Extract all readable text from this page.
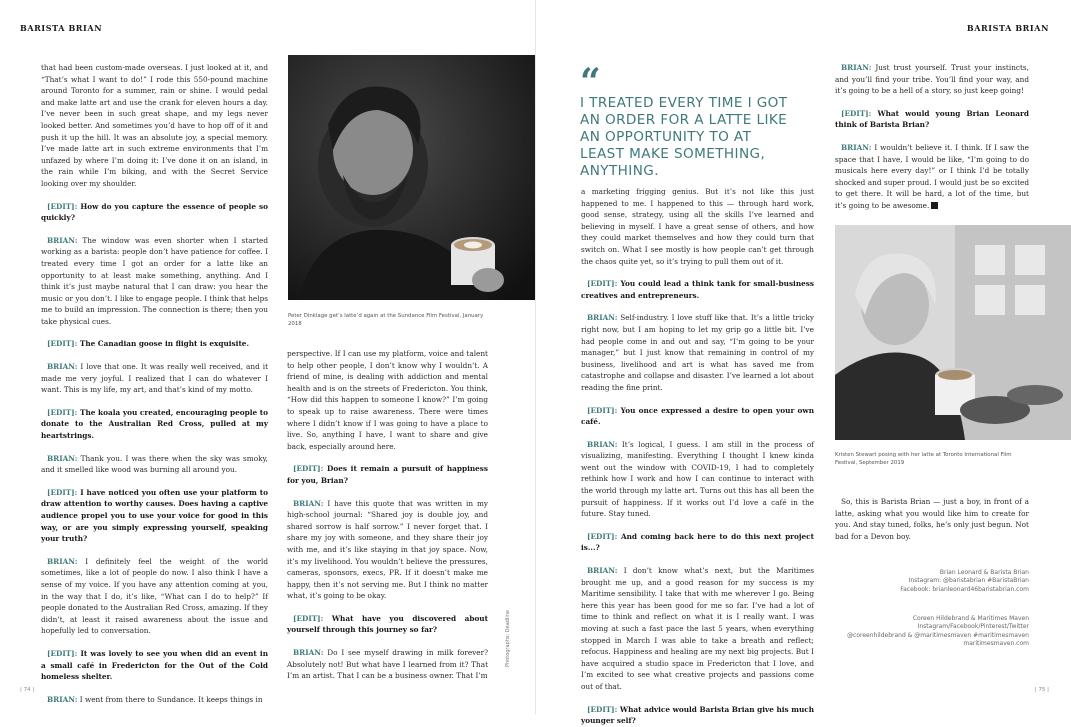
BARISTA BRIAN	BARISTA BRIAN

that had been custom-made overseas. I just looked at it, and “That’s what I want to do!” I rode this 550-pound machine around Toronto for a summer, rain or shine. I would pedal and make latte art and use the crank for eleven hours a day. I’ve never been in such great shape, and my legs never looked better. And sometimes you’d have to hop off of it and push it up the hill. It was an absolute joy, a special memory. I’ve made latte art in such extreme environments that I’m unfazed by where I’m doing it: I’ve done it on an island, in the rain while I’m biking, and with the Secret Service looking over my shoulder.

[EDIT]: How do you capture the essence of people so quickly?

BRIAN: The window was even shorter when I started working as a barista: people don’t have patience for coffee. I treated every time I got an order for a latte like an opportunity to at least make something, anything. And I think it’s just maybe natural that I can draw: you hear the music or you don’t. I like to engage people. I think that helps me to build an impression. The connection is there; then you take physical cues.

[EDIT]: The Canadian goose in flight is exquisite.

BRIAN: I love that one. It was really well received, and it made me very joyful. I realized that I can do whatever I want. This is my life, my art, and that’s kind of my motto.

[EDIT]: The koala you created, encouraging people to donate to the Australian Red Cross, pulled at my heartstrings.

BRIAN: Thank you. I was there when the sky was smoky, and it smelled like wood was burning all around you.

[EDIT]: I have noticed you often use your platform to draw attention to worthy causes. Does having a captive audience propel you to use your voice for good in this way, or are you simply expressing yourself, speaking your truth?

BRIAN: I definitely feel the weight of the world sometimes, like a lot of people do now. I also think I have a sense of my voice. If you have any attention coming at you, in the way that I do, it’s like, “What can I do to help?” If people donated to the Australian Red Cross, amazing. If they didn’t, at least it raised awareness about the issue and hopefully led to conversation.

[EDIT]: It was lovely to see you when did an event in a small café in Fredericton for the Out of the Cold homeless shelter.

BRIAN: I went from there to Sundance. It keeps things in

Peter Dinklage get’s latte’d again at the Sundance Film Festival, January 2018
Photographs: Deadline

perspective. If I can use my platform, voice and talent to help other people, I don’t know why I wouldn’t. A friend of mine, is dealing with addiction and mental health and is on the streets of Fredericton. You think, “How did this happen to someone I know?” I’m going to speak up to raise awareness. There were times where I didn’t know if I was going to have a place to live. So, anything I have, I want to share and give back, especially around here.

[EDIT]: Does it remain a pursuit of happiness for you, Brian?

BRIAN: I have this quote that was written in my high-school journal: “Shared joy is double joy, and shared sorrow is half sorrow.” I never forget that. I share my joy with someone, and they share their joy with me, and it’s like staying in that joy space. Now, it’s my livelihood. You wouldn’t believe the pressures, cameras, sponsors, execs, PR. If it doesn’t make me happy, then it’s not serving me. But I think no matter what, it’s going to be okay.

[EDIT]: What have you discovered about yourself through this journey so far?

BRIAN: Do I see myself drawing in milk forever? Absolutely not! But what have I learned from it? That I’m an artist. That I can be a business owner. That I’m

“
I TREATED EVERY TIME I GOT AN ORDER FOR A LATTE LIKE AN OPPORTUNITY TO AT LEAST MAKE SOMETHING, ANYTHING.

a marketing frigging genius. But it’s not like this just happened to me. I happened to this — through hard work, good sense, strategy, using all the skills I’ve learned and believing in myself. I have a great sense of others, and how they could market themselves and how they could turn that switch on. What I see mostly is how people can’t get through the chaos quite yet, so it’s trying to pull them out of it.

[EDIT]: You could lead a think tank for small-business creatives and entrepreneurs.

BRIAN: Self-industry. I love stuff like that. It’s a little tricky right now, but I am hoping to let my grip go a little bit. I’ve had people come in and out and say, “I’m going to be your manager,” but I just know that remaining in control of my business, livelihood and art is what has saved me from catastrophe and collapse and disaster. I’ve learned a lot about reading the fine print.

[EDIT]: You once expressed a desire to open your own café.

BRIAN: It’s logical, I guess. I am still in the process of visualizing, manifesting. Everything I thought I knew kinda went out the window with COVID-19, I had to completely rethink how I work and how I can continue to interact with the world through my latte art. Turns out this has all been the pursuit of happiness. If it works out I’d love a café in the future. Stay tuned.

[EDIT]: And coming back here to do this next project is...?

BRIAN: I don’t know what’s next, but the Maritimes brought me up, and a good reason for my success is my Maritime sensibility. I take that with me wherever I go. Being here this year has been good for me so far. I’ve had a lot of time to think and reflect on what it is I really want. I was moving at such a fast pace the last 5 years, when everything stopped in March I was able to take a breath and reflect; refocus. Happiness and healing are my next big projects. But I have acquired a studio space in Fredericton that I love, and I’m excited to see what creative projects and passions come out of that.

[EDIT]: What advice would Barista Brian give his much younger self?

BRIAN: Just trust yourself. Trust your instincts, and you’ll find your tribe. You’ll find your way, and it’s going to be a hell of a story, so just keep going!

[EDIT]: What would young Brian Leonard think of Barista Brian?

BRIAN: I wouldn’t believe it. I think. If I saw the space that I have, I would be like, “I’m going to do musicals here every day!” or I think I’d be totally shocked and super proud. I would just be so excited to get there. It will be hard, a lot of the time, but it’s going to be awesome.

Kristen Stewart posing with her latte at Toronto International Film Festival, September 2019

So, this is Barista Brian — just a boy, in front of a latte, asking what you would like him to create for you. And stay tuned, folks, he’s only just begun. Not bad for a Devon boy.

Brian Leonard & Barista Brian
Instagram: @baristabrian #BaristaBrian
Facebook: brianleonard46baristabrian.com
Coreen Hildebrand & Maritimes Maven
Instagram/Facebook/Pinterest/Twitter
@coreenhildebrand & @maritimesmaven #maritimesmaven
maritimesmaven.com
| 74 |	| 75 |
